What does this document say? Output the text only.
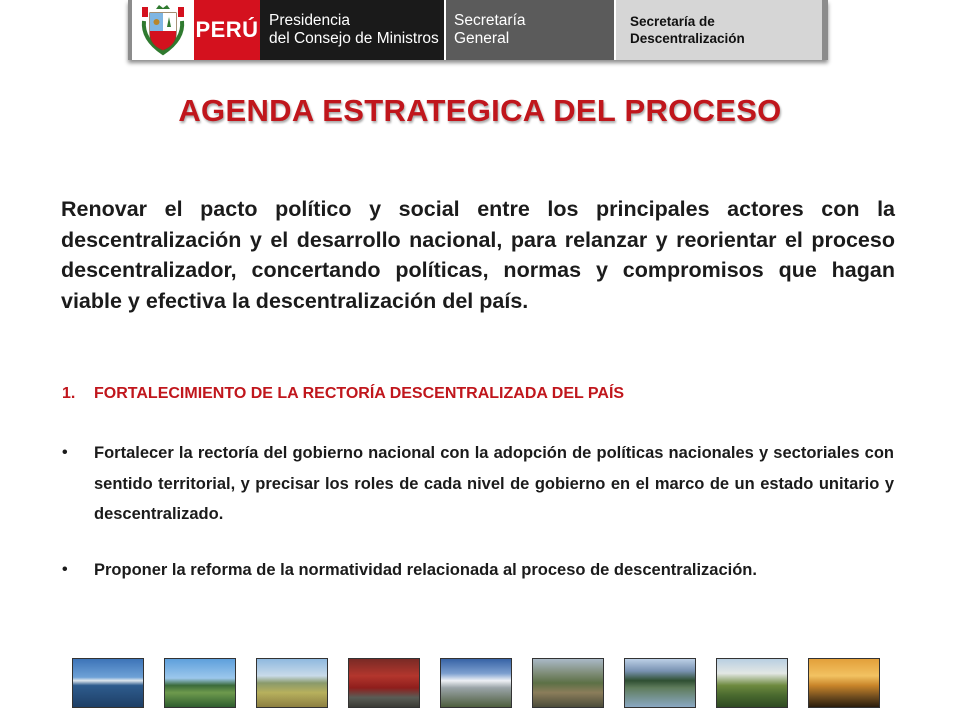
PERÚ Presidencia
del Consejo de Ministros
Secretaría
General
Secretaría de
Descentralización
AGENDA ESTRATEGICA DEL PROCESO
Renovar el pacto político y social entre los principales actores con la descentralización y el desarrollo nacional, para relanzar y reorientar el proceso descentralizador, concertando políticas, normas y compromisos que hagan viable y efectiva la descentralización del país.
1. FORTALECIMIENTO DE LA RECTORÍA DESCENTRALIZADA DEL PAÍS
•	Fortalecer la rectoría del gobierno nacional con la adopción de políticas nacionales y sectoriales con sentido territorial, y precisar los roles de cada nivel de gobierno en el marco de un estado unitario y descentralizado.
•	Proponer la reforma de la normatividad relacionada al proceso de descentralización.
